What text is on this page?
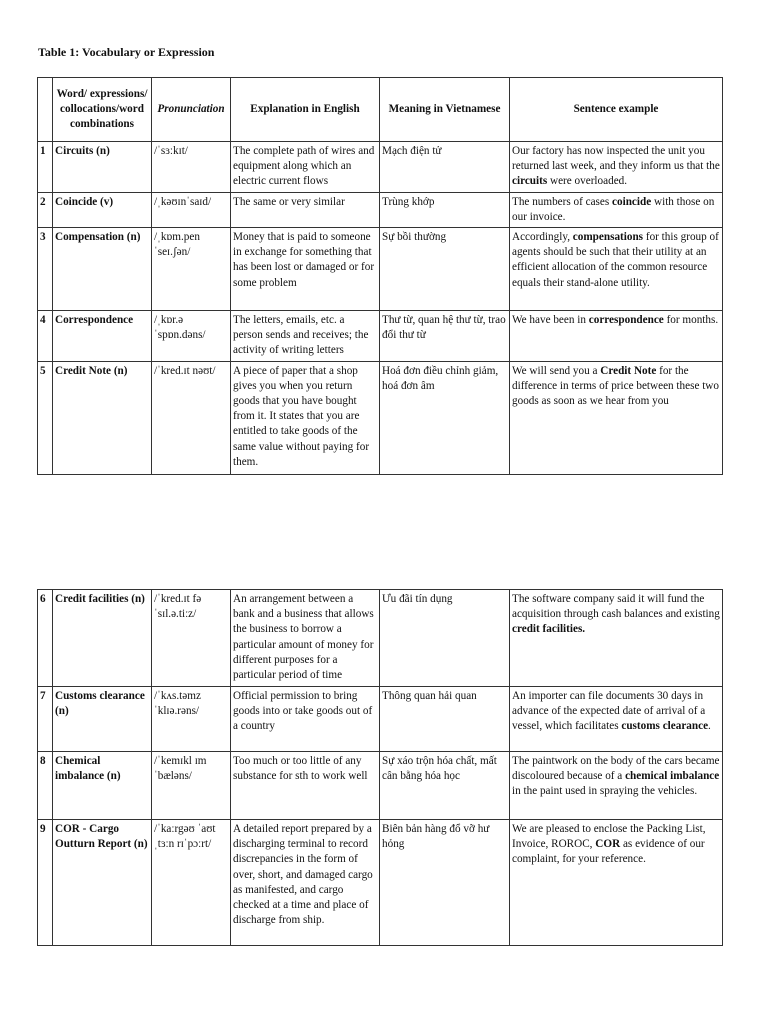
Table 1: Vocabulary or Expression
	Word/ expressions/ collocations/word combinations	Pronunciation	Explanation in English	Meaning in Vietnamese	Sentence example
1	Circuits (n)	/ˈsɜːkɪt/	The complete path of wires and equipment along which an electric current flows	Mạch điện tử	Our factory has now inspected the unit you returned last week, and they inform us that the circuits were overloaded.
2	Coincide (v)	/ˌkəʊɪnˈsaɪd/	The same or very similar	Trùng khớp	The numbers of cases coincide with those on our invoice.
3	Compensation (n)	/ˌkɒm.penˈseɪ.ʃən/	Money that is paid to someone in exchange for something that has been lost or damaged or for some problem	Sự bồi thường	Accordingly, compensations for this group of agents should be such that their utility at an efficient allocation of the common resource equals their stand-alone utility.
4	Correspondence	/ˌkɒr.əˈspɒn.dəns/	The letters, emails, etc. a person sends and receives; the activity of writing letters	Thư từ, quan hệ thư từ, trao đổi thư từ	We have been in correspondence for months.
5	Credit Note (n)	/ˈkred.ɪt nəʊt/	A piece of paper that a shop gives you when you return goods that you have bought from it. It states that you are entitled to take goods of the same value without paying for them.	Hoá đơn điều chỉnh giảm, hoá đơn âm	We will send you a Credit Note for the difference in terms of price between these two goods as soon as we hear from you
6	Credit facilities (n)	/ˈkred.ɪt fəˈsɪl.ə.tiːz/	An arrangement between a bank and a business that allows the business to borrow a particular amount of money for different purposes for a particular period of time	Ưu đãi tín dụng	The software company said it will fund the acquisition through cash balances and existing credit facilities.
7	Customs clearance (n)	/ˈkʌs.təmz ˈklɪə.rəns/	Official permission to bring goods into or take goods out of a country	Thông quan hải quan	An importer can file documents 30 days in advance of the expected date of arrival of a vessel, which facilitates customs clearance.
8	Chemical imbalance (n)	/ˈkemɪkl ɪmˈbæləns/	Too much or too little of any substance for sth to work well	Sự xáo trộn hóa chất, mất cân bằng hóa học	The paintwork on the body of the cars became discoloured because of a chemical imbalance in the paint used in spraying the vehicles.
9	COR - Cargo Outturn Report (n)	/ˈkaːrgəʊ ˈaʊtˌtɜːn rɪˈpɔːrt/	A detailed report prepared by a discharging terminal to record discrepancies in the form of over, short, and damaged cargo as manifested, and cargo checked at a time and place of discharge from ship.	Biên bản hàng đổ vỡ hư hỏng	We are pleased to enclose the Packing List, Invoice, ROROC, COR as evidence of our complaint, for your reference.
